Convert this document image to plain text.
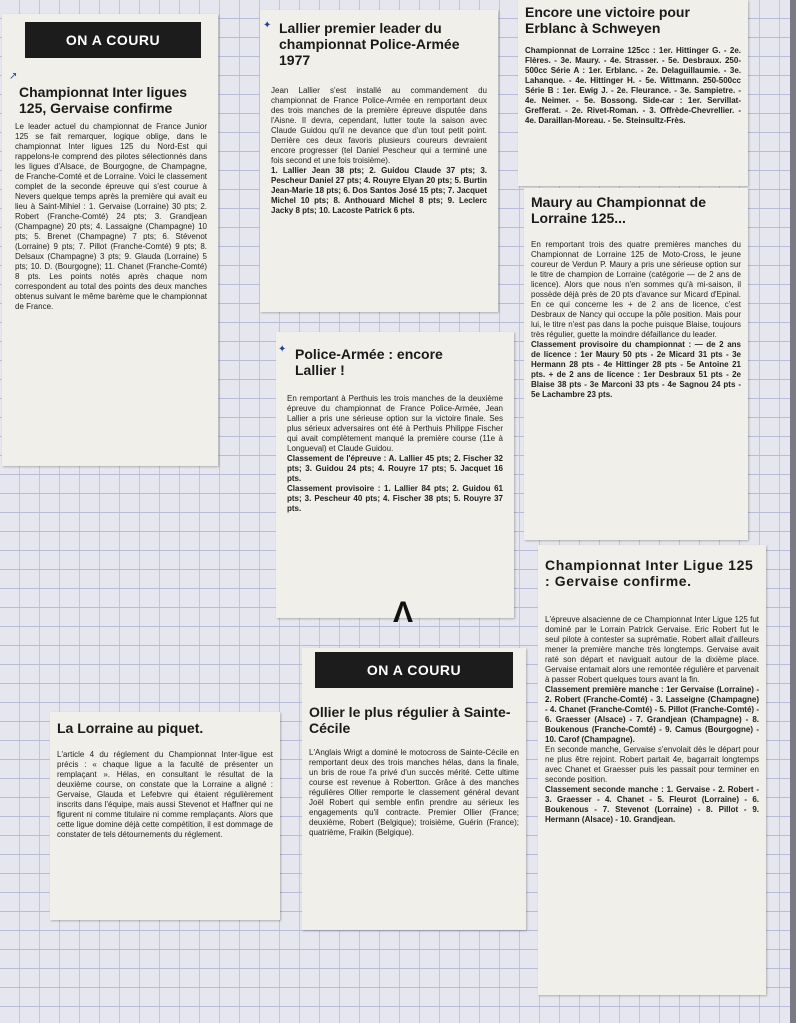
ON A COURU
↗

Championnat Inter ligues 125, Gervaise confirme

Le leader actuel du championnat de France Junior 125 se fait remarquer, logique oblige, dans le championnat Inter ligues 125 du Nord-Est qui rappelons-le comprend des pilotes sélectionnés dans les ligues d'Alsace, de Bourgogne, de Champagne, de Franche-Comté et de Lorraine. Voici le classement complet de la seconde épreuve qui s'est courue à Nevers quelque temps après la première qui avait eu lieu à Saint-Mihiel : 1. Gervaise (Lorraine) 30 pts; 2. Robert (Franche-Comté) 24 pts; 3. Grandjean (Champagne) 20 pts; 4. Lassaigne (Champagne) 10 pts; 5. Brenet (Champagne) 7 pts; 6. Stévenot (Lorraine) 9 pts; 7. Pillot (Franche-Comté) 9 pts; 8. Delsaux (Champagne) 3 pts; 9. Glauda (Lorraine) 5 pts; 10. D. (Bourgogne); 11. Chanet (Franche-Comté) 8 pts. Les points notés après chaque nom correspondent au total des points des deux manches obtenus suivant le même barème que le championnat de France.

✦ Lallier premier leader du championnat Police-Armée 1977

Jean Lallier s'est installé au commandement du championnat de France Police-Armée en remportant deux des trois manches de la première épreuve disputée dans l'Aisne. Il devra, cependant, lutter toute la saison avec Claude Guidou qu'il ne devance que d'un tout petit point. Derrière ces deux favoris plusieurs coureurs devraient encore progresser (tel Daniel Pescheur qui a terminé une fois second et une fois troisième).

1. Lallier Jean 38 pts; 2. Guidou Claude 37 pts; 3. Pescheur Daniel 27 pts; 4. Rouyre Elyan 20 pts; 5. Burtin Jean-Marie 18 pts; 6. Dos Santos José 15 pts; 7. Jacquet Michel 10 pts; 8. Anthouard Michel 8 pts; 9. Leclerc Jacky 8 pts; 10. Lacoste Patrick 6 pts.

✦ Police-Armée : encore Lallier !

En remportant à Perthuis les trois manches de la deuxième épreuve du championnat de France Police-Armée, Jean Lallier a pris une sérieuse option sur la victoire finale. Ses plus sérieux adversaires ont été à Perthuis Philippe Fischer qui avait complètement manqué la première course (11e à Longueval) et Claude Guidou.

Classement de l'épreuve : A. Lallier 45 pts; 2. Fischer 32 pts; 3. Guidou 24 pts; 4. Rouyre 17 pts; 5. Jacquet 16 pts.

Classement provisoire : 1. Lallier 84 pts; 2. Guidou 61 pts; 3. Pescheur 40 pts; 4. Fischer 38 pts; 5. Rouyre 37 pts.

Λ

Encore une victoire pour Erblanc à Schweyen

Championnat de Lorraine 125cc : 1er. Hittinger G. - 2e. Flères. - 3e. Maury. - 4e. Strasser. - 5e. Desbraux. 250-500cc Série A : 1er. Erblanc. - 2e. Delaguillaumie. - 3e. Lahanque. - 4e. Hittinger H. - 5e. Wittmann. 250-500cc Série B : 1er. Ewig J. - 2e. Fleurance. - 3e. Sampietre. - 4e. Neimer. - 5e. Bossong. Side-car : 1er. Servillat-Grefferat. - 2e. Rivet-Roman. - 3. Offrède-Chevrellier. - 4e. Daraillan-Moreau. - 5e. Steinsultz-Frès.

Maury au Championnat de Lorraine 125...

En remportant trois des quatre premières manches du Championnat de Lorraine 125 de Moto-Cross, le jeune coureur de Verdun P. Maury a pris une sérieuse option sur le titre de champion de Lorraine (catégorie — de 2 ans de licence). Alors que nous n'en sommes qu'à mi-saison, il possède déjà près de 20 pts d'avance sur Micard d'Epinal. En ce qui concerne les + de 2 ans de licence, c'est Desbraux de Nancy qui occupe la pôle position. Mais pour lui, le titre n'est pas dans la poche puisque Blaise, toujours très régulier, guette la moindre défaillance du leader.

Classement provisoire du championnat : — de 2 ans de licence : 1er Maury 50 pts - 2e Micard 31 pts - 3e Hermann 28 pts - 4e Hittinger 28 pts - 5e Antoine 21 pts. + de 2 ans de licence : 1er Desbraux 51 pts - 2e Blaise 38 pts - 3e Marconi 33 pts - 4e Sagnou 24 pts - 5e Lachambre 23 pts.

Championnat Inter Ligue 125 : Gervaise confirme.

L'épreuve alsacienne de ce Championnat Inter Ligue 125 fut dominé par le Lorrain Patrick Gervaise. Eric Robert fut le seul pilote à contester sa suprématie. Robert allait d'ailleurs mener la première manche très longtemps. Gervaise avait raté son départ et naviguait autour de la dixième place. Gervaise entamait alors une remontée régulière et parvenait à passer Robert quelques tours avant la fin.

Classement première manche : 1er Gervaise (Lorraine) - 2. Robert (Franche-Comté) - 3. Lasseigne (Champagne) - 4. Chanet (Franche-Comté) - 5. Pillot (Franche-Comté) - 6. Graesser (Alsace) - 7. Grandjean (Champagne) - 8. Boukenous (Franche-Comté) - 9. Camus (Bourgogne) - 10. Carof (Champagne).

En seconde manche, Gervaise s'envolait dès le départ pour ne plus être rejoint. Robert partait 4e, bagarrait longtemps avec Chanet et Graesser puis les passait pour terminer en seconde position.

Classement seconde manche : 1. Gervaise - 2. Robert - 3. Graesser - 4. Chanet - 5. Fleurot (Lorraine) - 6. Boukenous - 7. Stevenot (Lorraine) - 8. Pillot - 9. Hermann (Alsace) - 10. Grandjean.

La Lorraine au piquet.

L'article 4 du réglement du Championnat Inter-ligue est précis : « chaque ligue a la faculté de présenter un remplaçant ». Hélas, en consultant le résultat de la deuxième course, on constate que la Lorraine a aligné : Gervaise, Glauda et Lefebvre qui étaient régulièrement inscrits dans l'équipe, mais aussi Stevenot et Haffner qui ne figurent ni comme titulaire ni comme remplaçants. Alors que cette ligue domine déjà cette compétition, il est dommage de constater de tels détournements du réglement.

ON A COURU

Ollier le plus régulier à Sainte-Cécile

L'Anglais Wrigt a dominé le motocross de Sainte-Cécile en remportant deux des trois manches hélas, dans la finale, un bris de roue l'a privé d'un succès mérité. Cette ultime course est revenue à Robertton. Grâce à des manches régulières Ollier remporte le classement général devant Joël Robert qui semble enfin prendre au sérieux les engagements qu'il contracte. Premier Ollier (France; deuxième, Robert (Belgique); troisième, Guérin (France); quatrième, Fraikin (Belgique).
